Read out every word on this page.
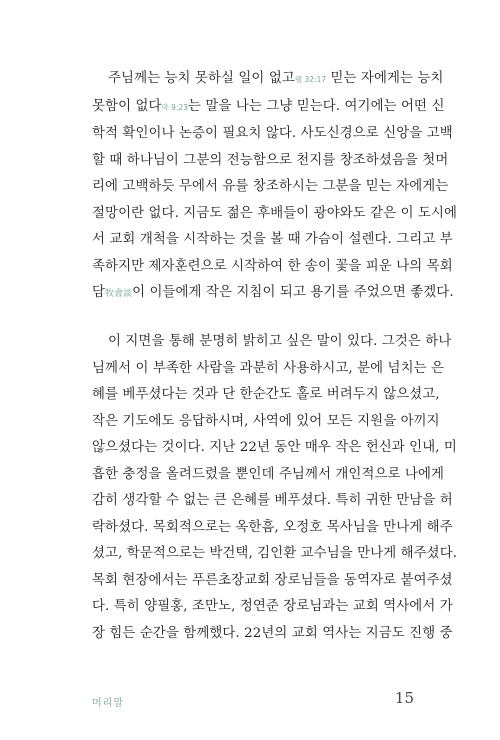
주님께는 능치 못하실 일이 없고렘 32:17 믿는 자에게는 능치
못함이 없다막 9:23는 말을 나는 그냥 믿는다. 여기에는 어떤 신
학적 확인이나 논증이 필요치 않다. 사도신경으로 신앙을 고백
할 때 하나님이 그분의 전능함으로 천지를 창조하셨음을 첫머
리에 고백하듯 무에서 유를 창조하시는 그분을 믿는 자에게는
절망이란 없다. 지금도 젊은 후배들이 광야와도 같은 이 도시에
서 교회 개척을 시작하는 것을 볼 때 가슴이 설렌다. 그리고 부
족하지만 제자훈련으로 시작하여 한 송이 꽃을 피운 나의 목회
담牧會談이 이들에게 작은 지침이 되고 용기를 주었으면 좋겠다.
이 지면을 통해 분명히 밝히고 싶은 말이 있다. 그것은 하나
님께서 이 부족한 사람을 과분히 사용하시고, 분에 넘치는 은
혜를 베푸셨다는 것과 단 한순간도 홀로 버려두지 않으셨고,
작은 기도에도 응답하시며, 사역에 있어 모든 지원을 아끼지
않으셨다는 것이다. 지난 22년 동안 매우 작은 헌신과 인내, 미
흡한 충정을 올려드렸을 뿐인데 주님께서 개인적으로 나에게
감히 생각할 수 없는 큰 은혜를 베푸셨다. 특히 귀한 만남을 허
락하셨다. 목회적으로는 옥한흠, 오정호 목사님을 만나게 해주
셨고, 학문적으로는 박건택, 김인환 교수님을 만나게 해주셨다.
목회 현장에서는 푸른초장교회 장로님들을 동역자로 붙여주셨
다. 특히 양필홍, 조만노, 정연준 장로님과는 교회 역사에서 가
장 힘든 순간을 함께했다. 22년의 교회 역사는 지금도 진행 중
머리말	15
